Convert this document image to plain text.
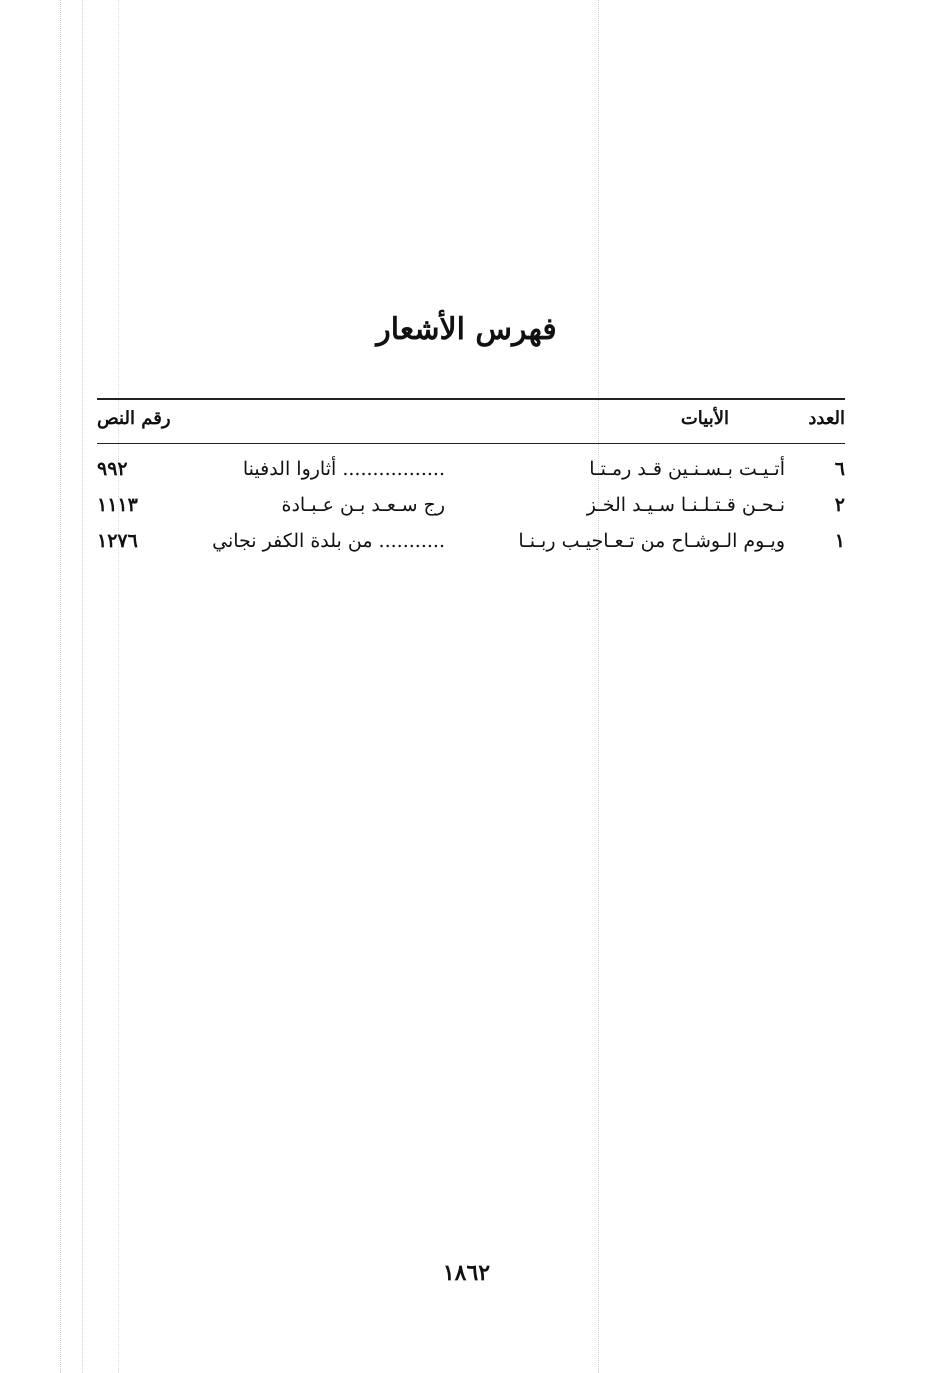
فهرس الأشعار
العدد
الأبيات
رقم النص
٦
أتـيـت بـسـنـين قـد رمـتـا
................. أثاروا الدفينا
٩٩٢
٢
نـحـن قـتـلـنـا سـيـد الخـز
رج سـعـد بـن عـبـادة
١١١٣
١
ويـوم الـوشـاح من تـعـاجيـب ربـنـا
........... من بلدة الكفر نجاني
١٢٧٦
١٨٦٢
